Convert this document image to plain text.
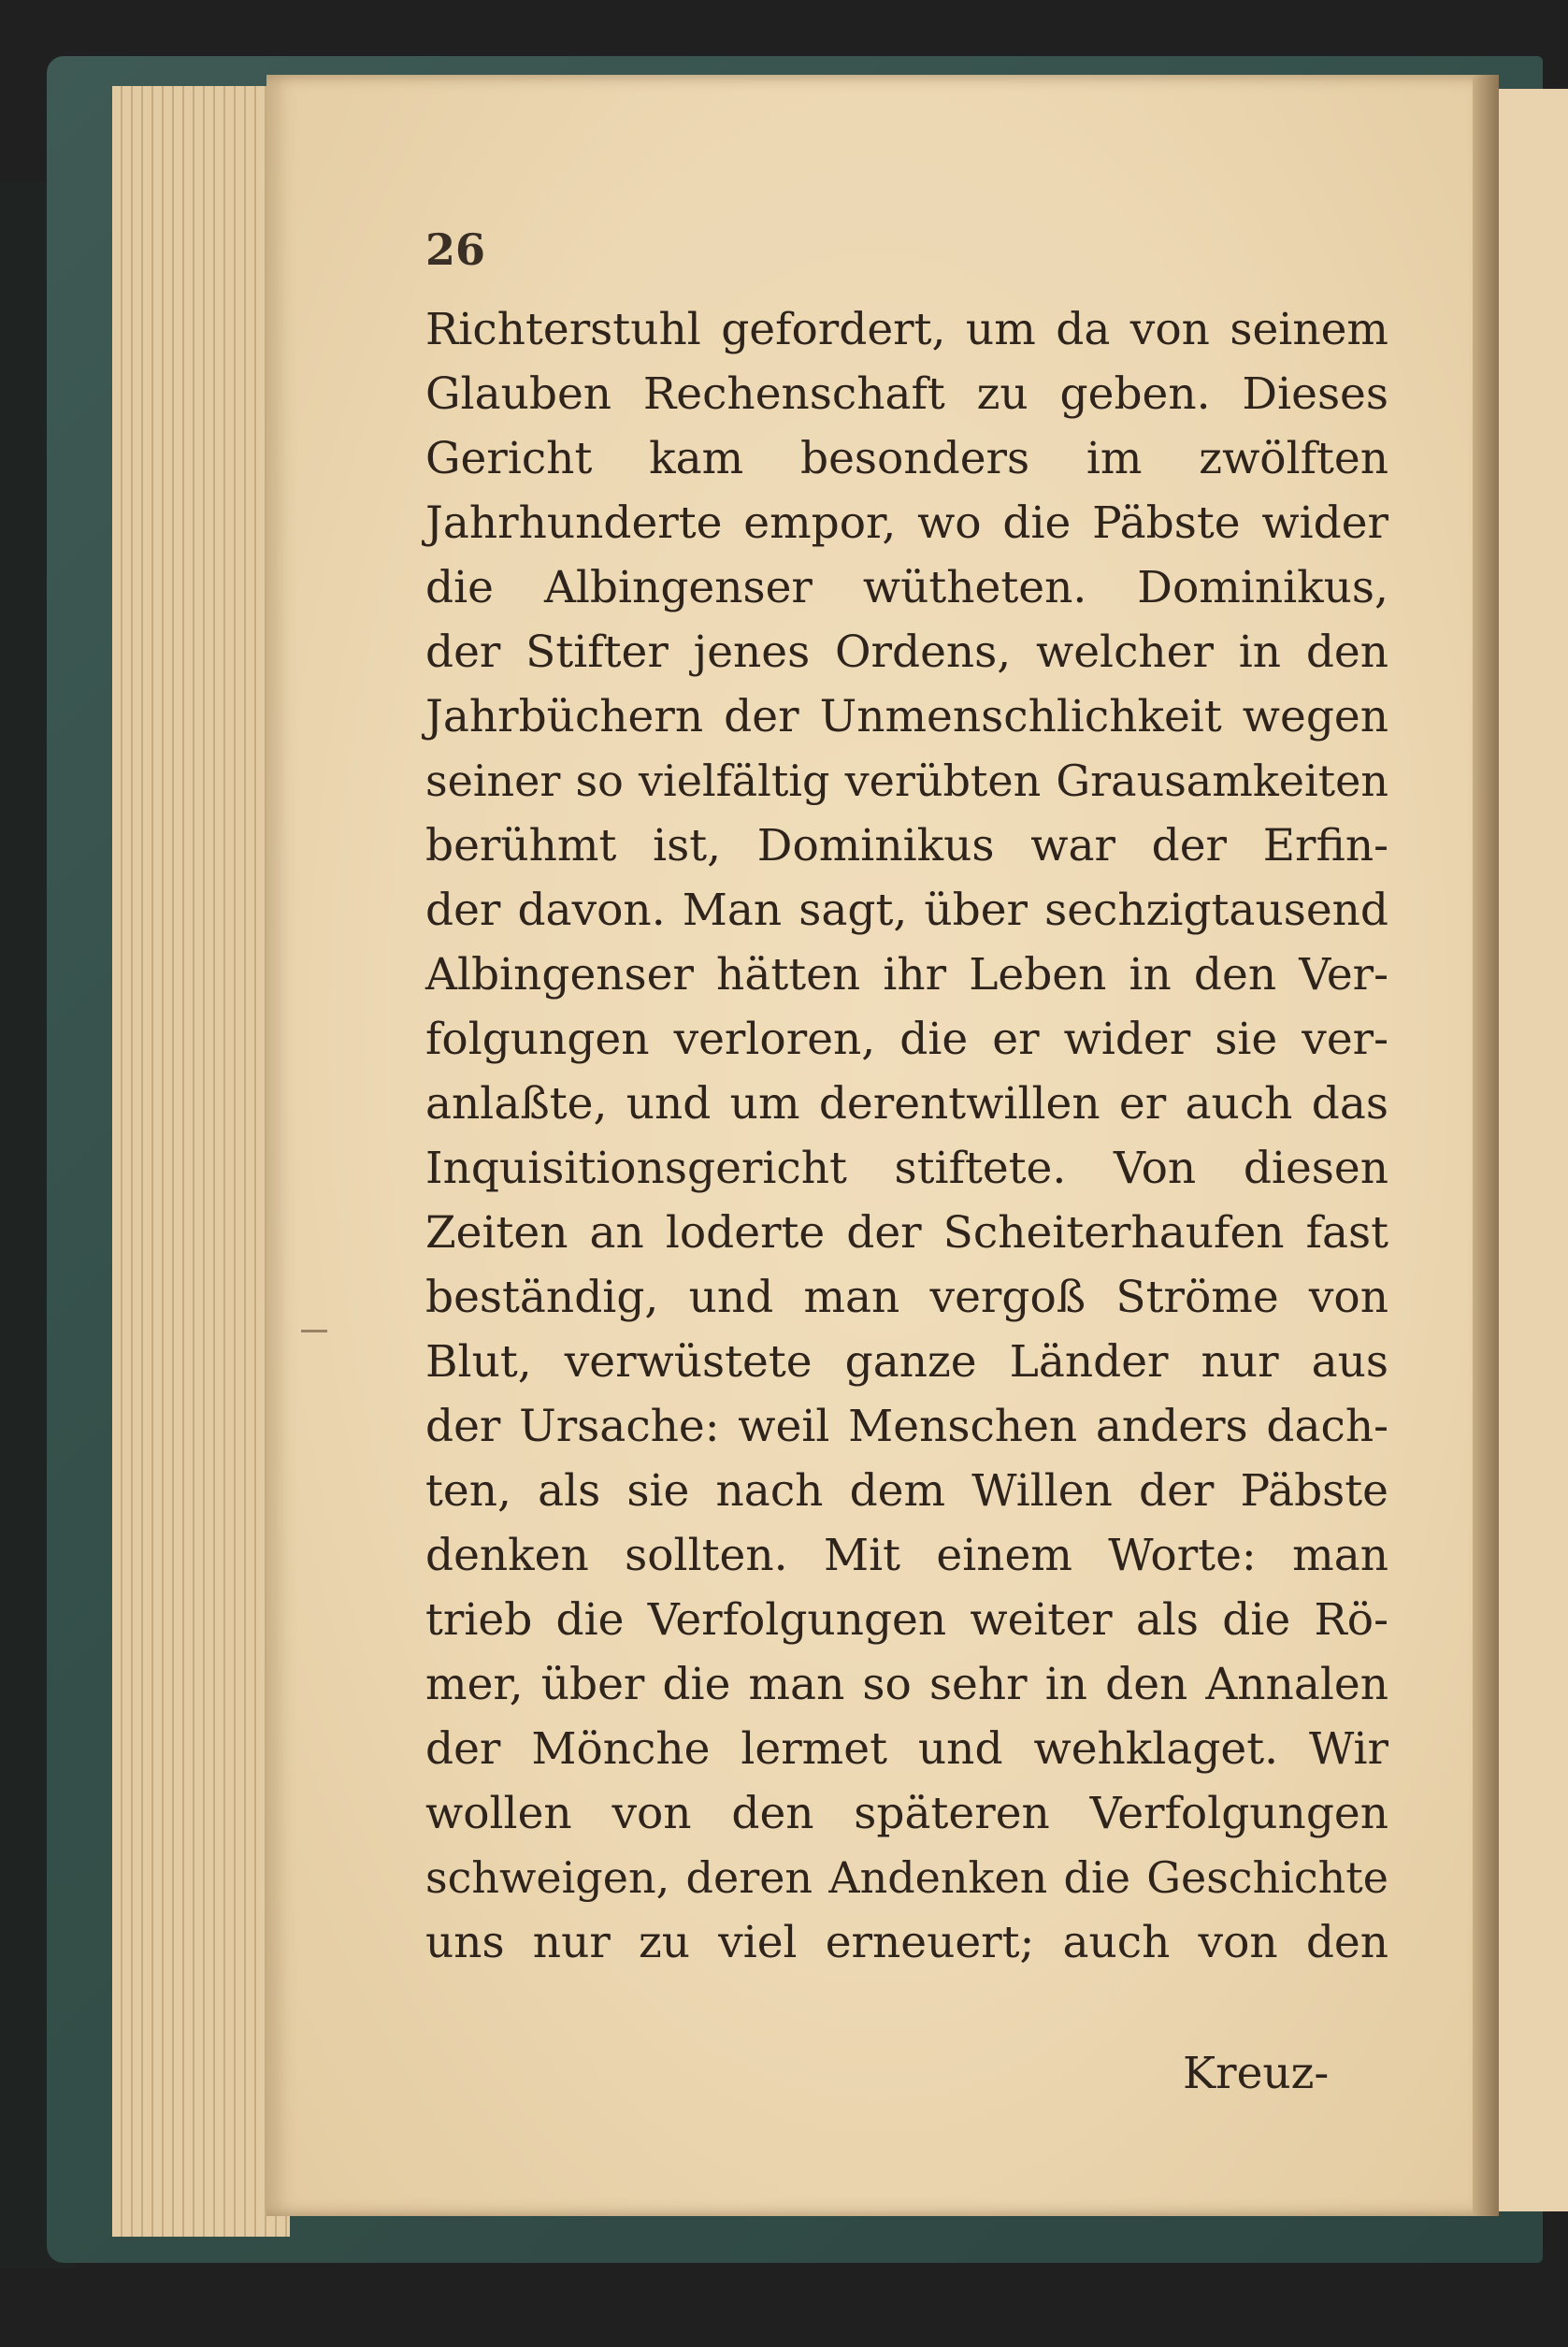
26

Richterstuhl gefordert, um da von seinem
Glauben Rechenschaft zu geben. Dieses
Gericht kam besonders im zwölften
Jahrhunderte empor, wo die Päbste wider
die Albingenser wütheten. Dominikus,
der Stifter jenes Ordens, welcher in den
Jahrbüchern der Unmenschlichkeit wegen
seiner so vielfältig verübten Grausamkeiten
berühmt ist, Dominikus war der Erfin-
der davon. Man sagt, über sechzigtausend
Albingenser hätten ihr Leben in den Ver-
folgungen verloren, die er wider sie ver-
anlaßte, und um derentwillen er auch das
Inquisitionsgericht stiftete. Von diesen
Zeiten an loderte der Scheiterhaufen fast
beständig, und man vergoß Ströme von
Blut, verwüstete ganze Länder nur aus
der Ursache: weil Menschen anders dach-
ten, als sie nach dem Willen der Päbste
denken sollten. Mit einem Worte: man
trieb die Verfolgungen weiter als die Rö-
mer, über die man so sehr in den Annalen
der Mönche lermet und wehklaget. Wir
wollen von den späteren Verfolgungen
schweigen, deren Andenken die Geschichte
uns nur zu viel erneuert; auch von den

Kreuz-
